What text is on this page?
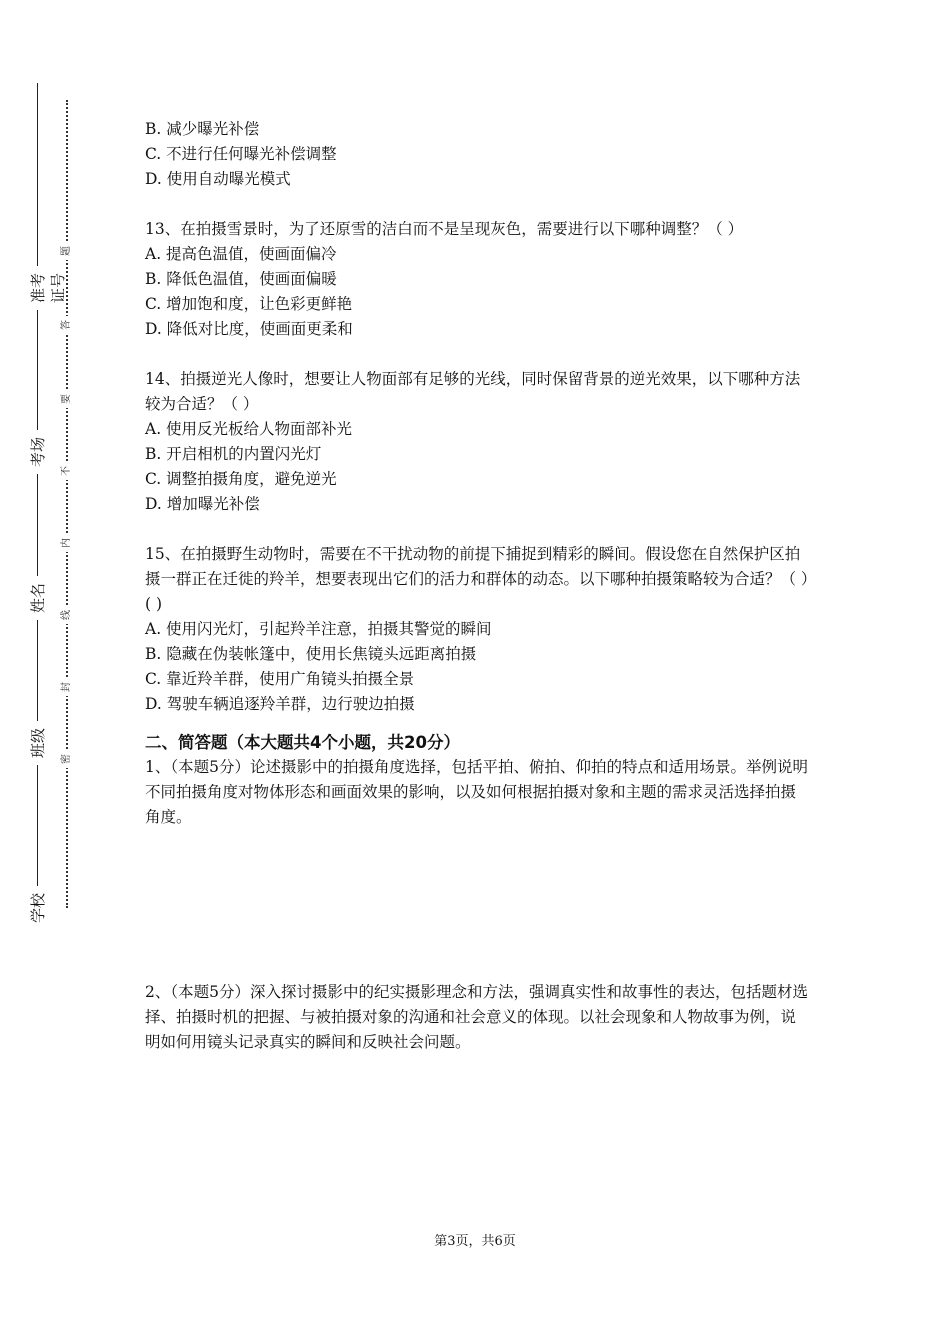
准考证号
考场
姓名
班级
学校
题
答
要
不
内
线
封
密
B. 减少曝光补偿
C. 不进行任何曝光补偿调整
D. 使用自动曝光模式
13、在拍摄雪景时，为了还原雪的洁白而不是呈现灰色，需要进行以下哪种调整？（ ）
A. 提高色温值，使画面偏冷
B. 降低色温值，使画面偏暖
C. 增加饱和度，让色彩更鲜艳
D. 降低对比度，使画面更柔和
14、拍摄逆光人像时，想要让人物面部有足够的光线，同时保留背景的逆光效果，以下哪种方法较为合适？（ ）
A. 使用反光板给人物面部补光
B. 开启相机的内置闪光灯
C. 调整拍摄角度，避免逆光
D. 增加曝光补偿
15、在拍摄野生动物时，需要在不干扰动物的前提下捕捉到精彩的瞬间。假设您在自然保护区拍摄一群正在迁徙的羚羊，想要表现出它们的活力和群体的动态。以下哪种拍摄策略较为合适？（ ）( )
A. 使用闪光灯，引起羚羊注意，拍摄其警觉的瞬间
B. 隐藏在伪装帐篷中，使用长焦镜头远距离拍摄
C. 靠近羚羊群，使用广角镜头拍摄全景
D. 驾驶车辆追逐羚羊群，边行驶边拍摄
二、简答题（本大题共4个小题，共20分）
1、（本题5分）论述摄影中的拍摄角度选择，包括平拍、俯拍、仰拍的特点和适用场景。举例说明不同拍摄角度对物体形态和画面效果的影响，以及如何根据拍摄对象和主题的需求灵活选择拍摄角度。
2、（本题5分）深入探讨摄影中的纪实摄影理念和方法，强调真实性和故事性的表达，包括题材选择、拍摄时机的把握、与被拍摄对象的沟通和社会意义的体现。以社会现象和人物故事为例，说明如何用镜头记录真实的瞬间和反映社会问题。
第3页，共6页
